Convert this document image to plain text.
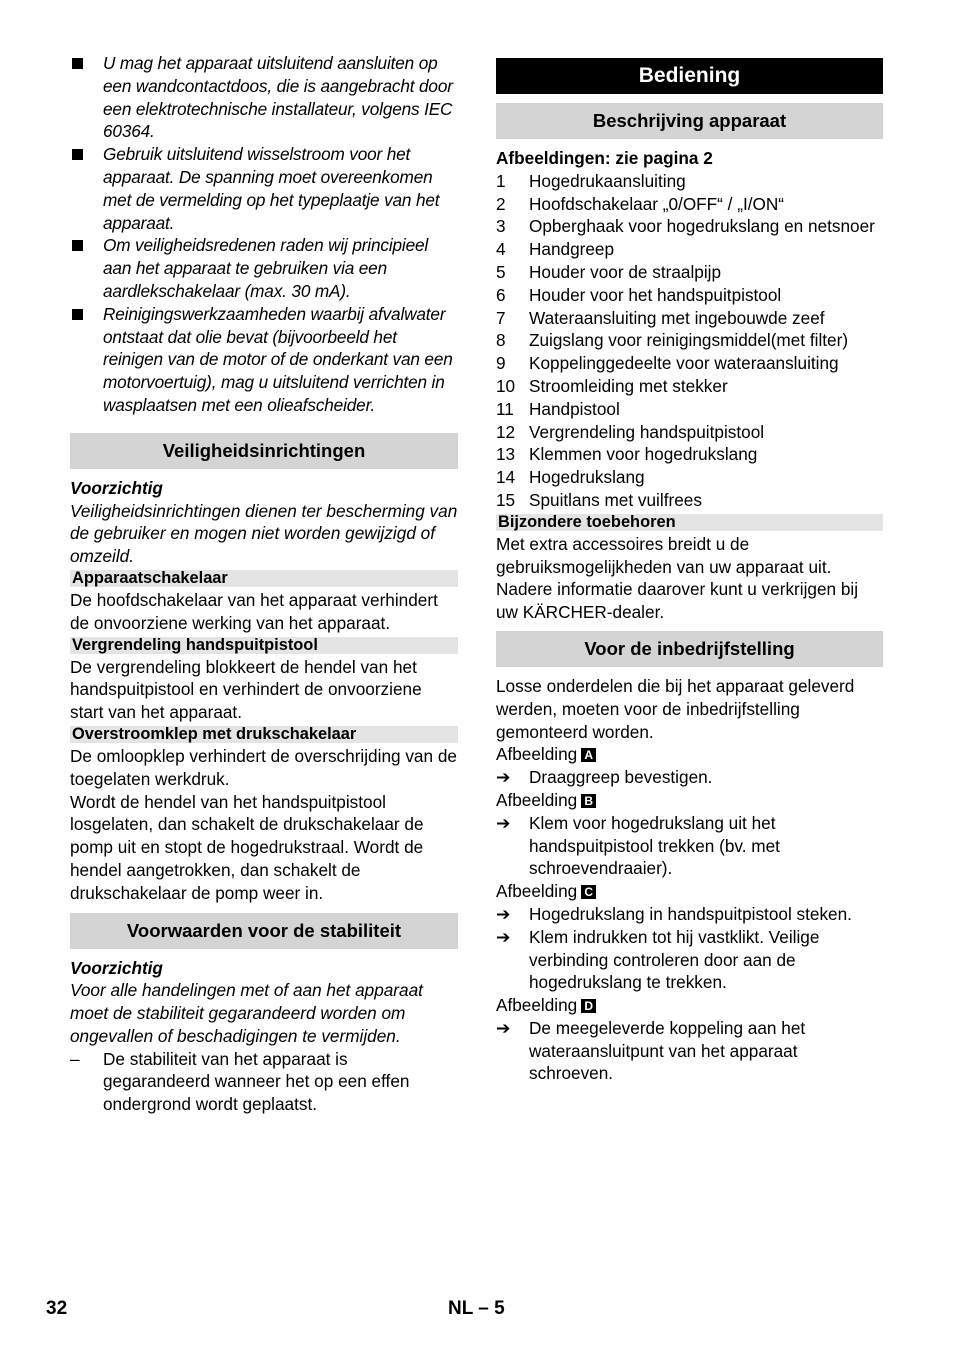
U mag het apparaat uitsluitend aansluiten op een wandcontactdoos, die is aangebracht door een elektrotechnische installateur, volgens IEC 60364.
Gebruik uitsluitend wisselstroom voor het apparaat. De spanning moet overeenkomen met de vermelding op het typeplaatje van het apparaat.
Om veiligheidsredenen raden wij principieel aan het apparaat te gebruiken via een aardlekschakelaar (max. 30 mA).
Reinigingswerkzaamheden waarbij afvalwater ontstaat dat olie bevat (bijvoorbeeld het reinigen van de motor of de onderkant van een motorvoertuig), mag u uitsluitend verrichten in wasplaatsen met een olieafscheider.
Veiligheidsinrichtingen
Voorzichtig
Veiligheidsinrichtingen dienen ter bescherming van de gebruiker en mogen niet worden gewijzigd of omzeild.
Apparaatschakelaar
De hoofdschakelaar van het apparaat verhindert de onvoorziene werking van het apparaat.
Vergrendeling handspuitpistool
De vergrendeling blokkeert de hendel van het handspuitpistool en verhindert de onvoorziene start van het apparaat.
Overstroomklep met drukschakelaar
De omloopklep verhindert de overschrijding van de toegelaten werkdruk.
Wordt de hendel van het handspuitpistool losgelaten, dan schakelt de drukschakelaar de pomp uit en stopt de hogedrukstraal. Wordt de hendel aangetrokken, dan schakelt de drukschakelaar de pomp weer in.
Voorwaarden voor de stabiliteit
Voorzichtig
Voor alle handelingen met of aan het apparaat moet de stabiliteit gegarandeerd worden om ongevallen of beschadigingen te vermijden.
– De stabiliteit van het apparaat is gegarandeerd wanneer het op een effen ondergrond wordt geplaatst.
Bediening
Beschrijving apparaat
Afbeeldingen: zie pagina 2
1 Hogedrukaansluiting
2 Hoofdschakelaar „0/OFF“ / „I/ON“
3 Opberghaak voor hogedrukslang en netsnoer
4 Handgreep
5 Houder voor de straalpijp
6 Houder voor het handspuitpistool
7 Wateraansluiting met ingebouwde zeef
8 Zuigslang voor reinigingsmiddel(met filter)
9 Koppelinggedeelte voor wateraansluiting
10 Stroomleiding met stekker
11 Handpistool
12 Vergrendeling handspuitpistool
13 Klemmen voor hogedrukslang
14 Hogedrukslang
15 Spuitlans met vuilfrees
Bijzondere toebehoren
Met extra accessoires breidt u de gebruiksmogelijkheden van uw apparaat uit. Nadere informatie daarover kunt u verkrijgen bij uw KÄRCHER-dealer.
Voor de inbedrijfstelling
Losse onderdelen die bij het apparaat geleverd werden, moeten voor de inbedrijfstelling gemonteerd worden.
Afbeelding A
➔ Draaggreep bevestigen.
Afbeelding B
➔ Klem voor hogedrukslang uit het handspuitpistool trekken (bv. met schroevendraaier).
Afbeelding C
➔ Hogedrukslang in handspuitpistool steken.
➔ Klem indrukken tot hij vastklikt. Veilige verbinding controleren door aan de hogedrukslang te trekken.
Afbeelding D
➔ De meegeleverde koppeling aan het wateraansluitpunt van het apparaat schroeven.
32	NL – 5
